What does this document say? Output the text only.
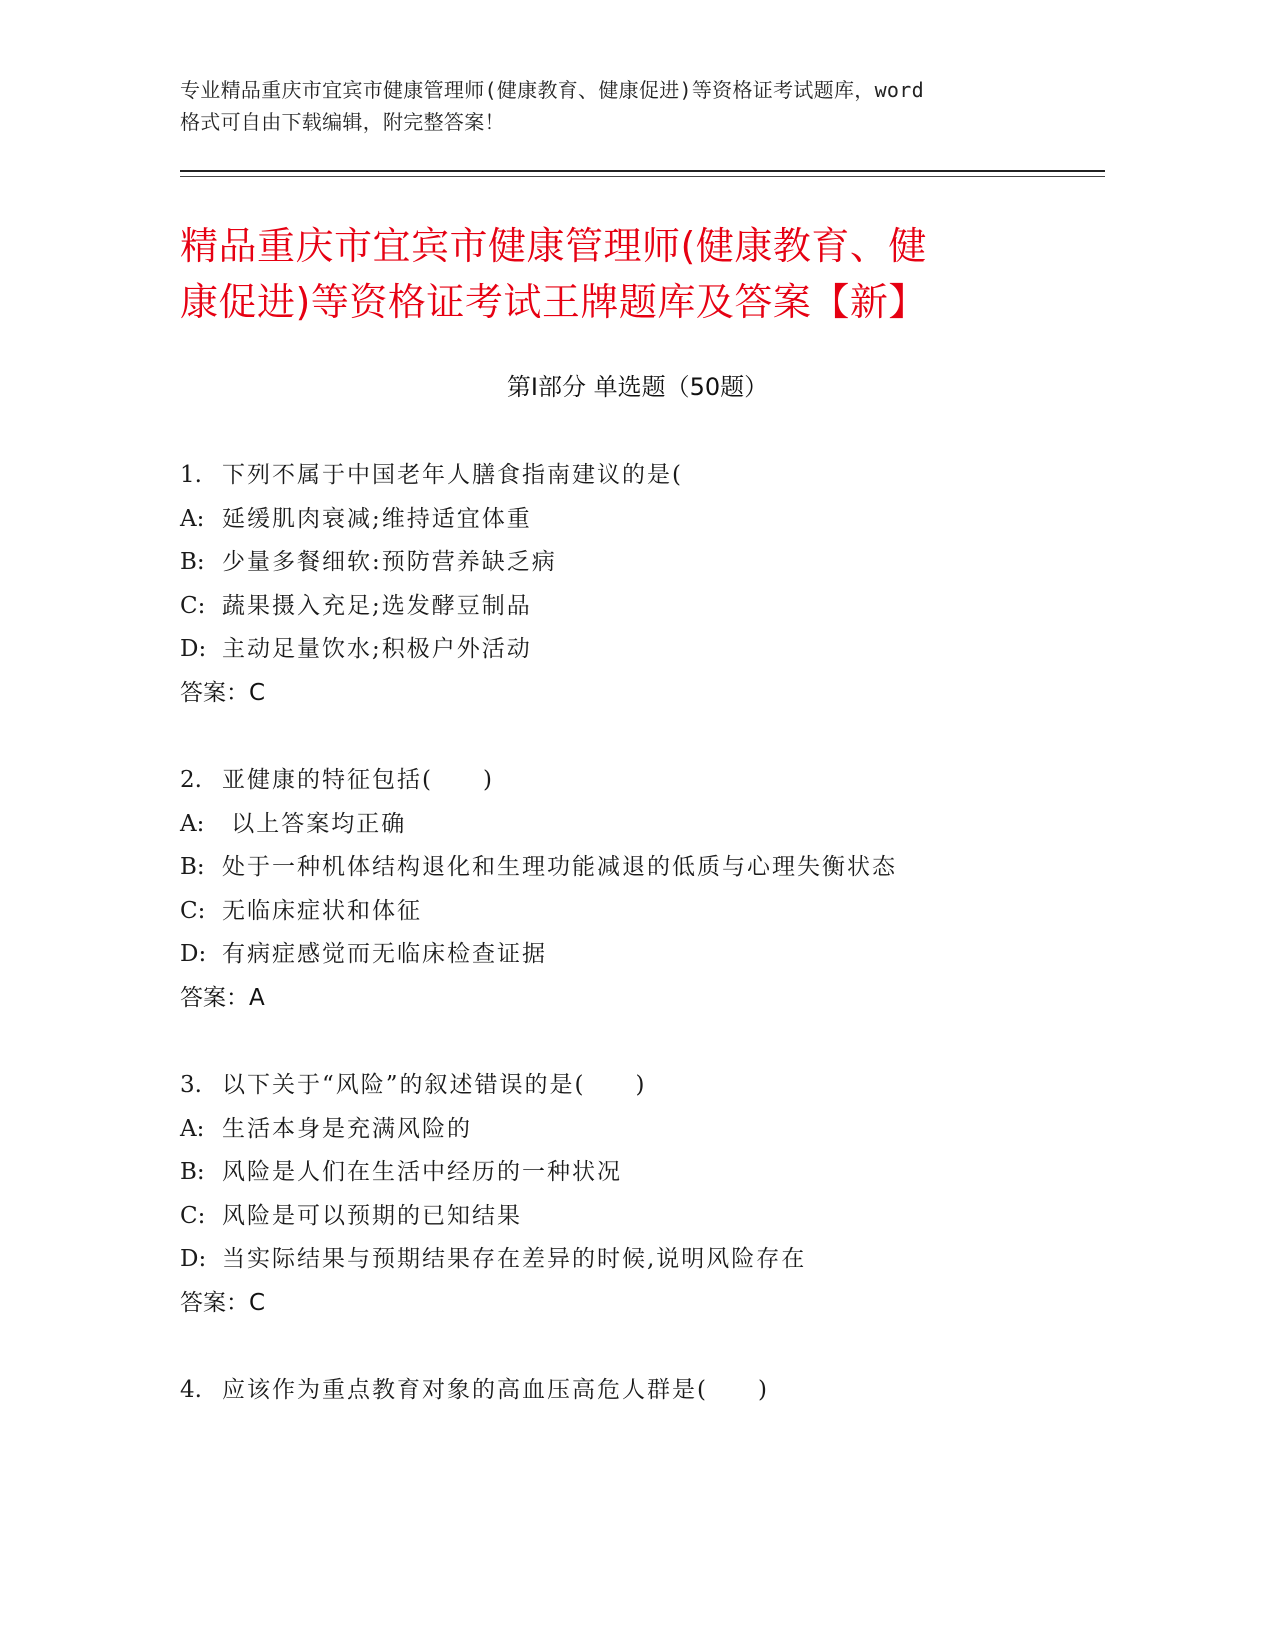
专业精品重庆市宜宾市健康管理师(健康教育、健康促进)等资格证考试题库，word
格式可自由下载编辑，附完整答案！
精品重庆市宜宾市健康管理师(健康教育、健
康促进)等资格证考试王牌题库及答案【新】
第Ⅰ部分 单选题（50题）
1. 下列不属于中国老年人膳食指南建议的是(
A: 延缓肌肉衰减;维持适宜体重
B: 少量多餐细软:预防营养缺乏病
C: 蔬果摄入充足;选发酵豆制品
D: 主动足量饮水;积极户外活动
答案：C
2. 亚健康的特征包括(　　)
A: 以上答案均正确
B: 处于一种机体结构退化和生理功能减退的低质与心理失衡状态
C: 无临床症状和体征
D: 有病症感觉而无临床检查证据
答案：A
3. 以下关于“风险”的叙述错误的是(　　)
A: 生活本身是充满风险的
B: 风险是人们在生活中经历的一种状况
C: 风险是可以预期的已知结果
D: 当实际结果与预期结果存在差异的时候,说明风险存在
答案：C
4. 应该作为重点教育对象的高血压高危人群是(　　)
